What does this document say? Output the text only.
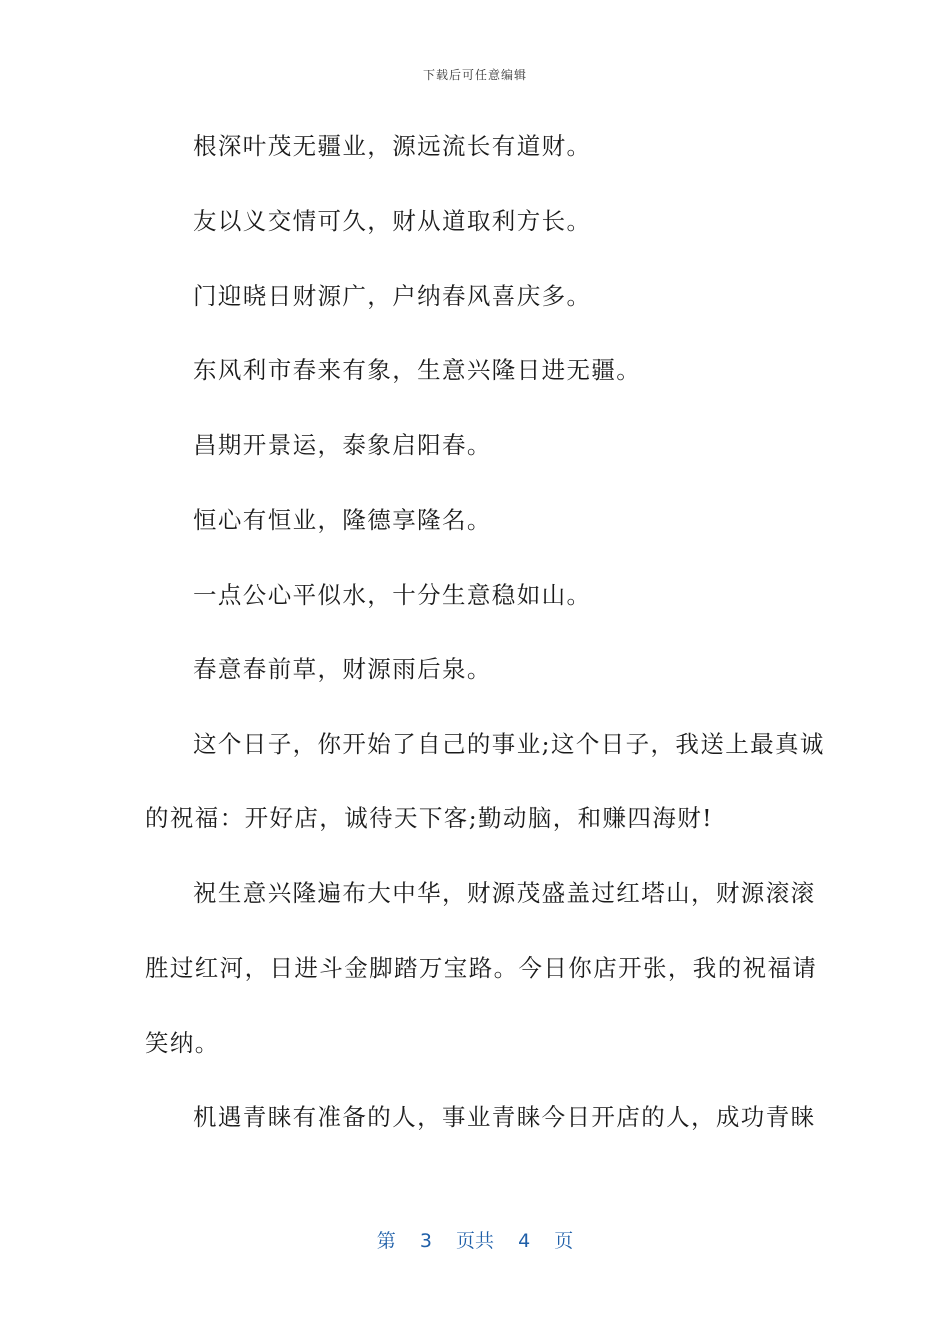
下载后可任意编辑
根深叶茂无疆业，源远流长有道财。
友以义交情可久，财从道取利方长。
门迎晓日财源广，户纳春风喜庆多。
东风利市春来有象，生意兴隆日进无疆。
昌期开景运，泰象启阳春。
恒心有恒业，隆德享隆名。
一点公心平似水，十分生意稳如山。
春意春前草，财源雨后泉。
这个日子，你开始了自己的事业;这个日子，我送上最真诚
的祝福：开好店，诚待天下客;勤动脑，和赚四海财!
祝生意兴隆遍布大中华，财源茂盛盖过红塔山，财源滚滚
胜过红河，日进斗金脚踏万宝路。今日你店开张，我的祝福请
笑纳。
机遇青睐有准备的人，事业青睐今日开店的人，成功青睐
第  3  页共  4  页
